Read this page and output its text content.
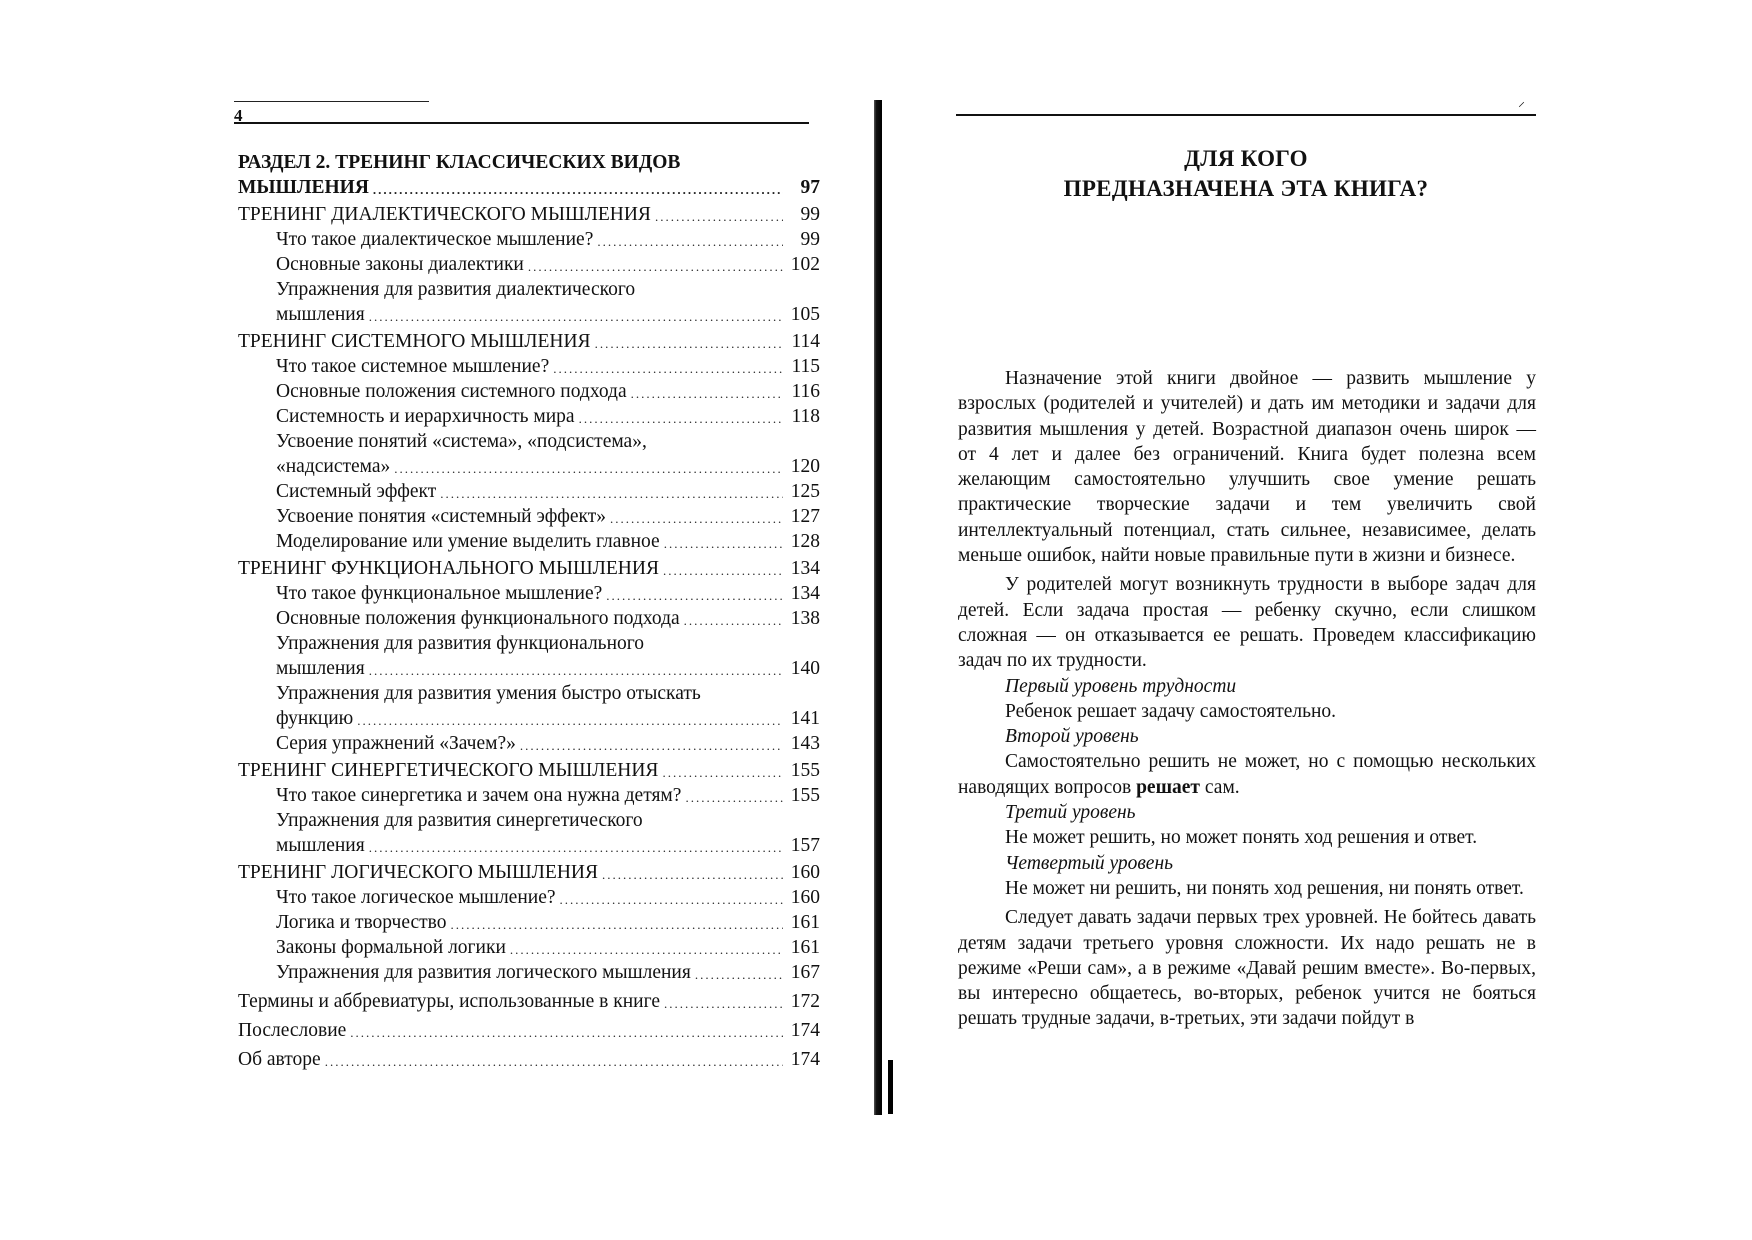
4
РАЗДЕЛ 2. ТРЕНИНГ КЛАССИЧЕСКИХ ВИДОВ
МЫШЛЕНИЯ .....	97
ТРЕНИНГ ДИАЛЕКТИЧЕСКОГО МЫШЛЕНИЯ .....	99
Что такое диалектическое мышление? .....	99
Основные законы диалектики .....	102
Упражнения для развития диалектического
мышления .....	105
ТРЕНИНГ СИСТЕМНОГО МЫШЛЕНИЯ .....	114
Что такое системное мышление? .....	115
Основные положения системного подхода .....	116
Системность и иерархичность мира .....	118
Усвоение понятий «система», «подсистема»,
«надсистема» .....	120
Системный эффект .....	125
Усвоение понятия «системный эффект» .....	127
Моделирование или умение выделить главное .....	128
ТРЕНИНГ ФУНКЦИОНАЛЬНОГО МЫШЛЕНИЯ .....	134
Что такое функциональное мышление? .....	134
Основные положения функционального подхода .....	138
Упражнения для развития функционального
мышления .....	140
Упражнения для развития умения быстро отыскать
функцию .....	141
Серия упражнений «Зачем?» .....	143
ТРЕНИНГ СИНЕРГЕТИЧЕСКОГО МЫШЛЕНИЯ .....	155
Что такое синергетика и зачем она нужна детям? .....	155
Упражнения для развития синергетического
мышления .....	157
ТРЕНИНГ ЛОГИЧЕСКОГО МЫШЛЕНИЯ .....	160
Что такое логическое мышление? .....	160
Логика и творчество .....	161
Законы формальной логики .....	161
Упражнения для развития логического мышления .....	167
Термины и аббревиатуры, использованные в книге .....	172
Послесловие .....	174
Об авторе .....	174
⸝
ДЛЯ КОГО
ПРЕДНАЗНАЧЕНА ЭТА КНИГА?

Назначение этой книги двойное — развить мышление у взрослых (родителей и учителей) и дать им методики и задачи для развития мышления у детей. Возрастной диапазон очень широк — от 4 лет и далее без ограничений. Книга будет полезна всем желающим самостоятельно улучшить свое умение решать практические творческие задачи и тем увеличить свой интеллектуальный потенциал, стать сильнее, независимее, делать меньше ошибок, найти новые правильные пути в жизни и бизнесе.

У родителей могут возникнуть трудности в выборе задач для детей. Если задача простая — ребенку скучно, если слишком сложная — он отказывается ее решать. Проведем классификацию задач по их трудности.

Первый уровень трудности

Ребенок решает задачу самостоятельно.

Второй уровень

Самостоятельно решить не может, но с помощью нескольких наводящих вопросов решает сам.

Третий уровень

Не может решить, но может понять ход решения и ответ.

Четвертый уровень

Не может ни решить, ни понять ход решения, ни понять ответ.

Следует давать задачи первых трех уровней. Не бойтесь давать детям задачи третьего уровня сложности. Их надо решать не в режиме «Реши сам», а в режиме «Давай решим вместе». Во-первых, вы интересно общаетесь, во-вторых, ребенок учится не бояться решать трудные задачи, в-третьих, эти задачи пойдут в
